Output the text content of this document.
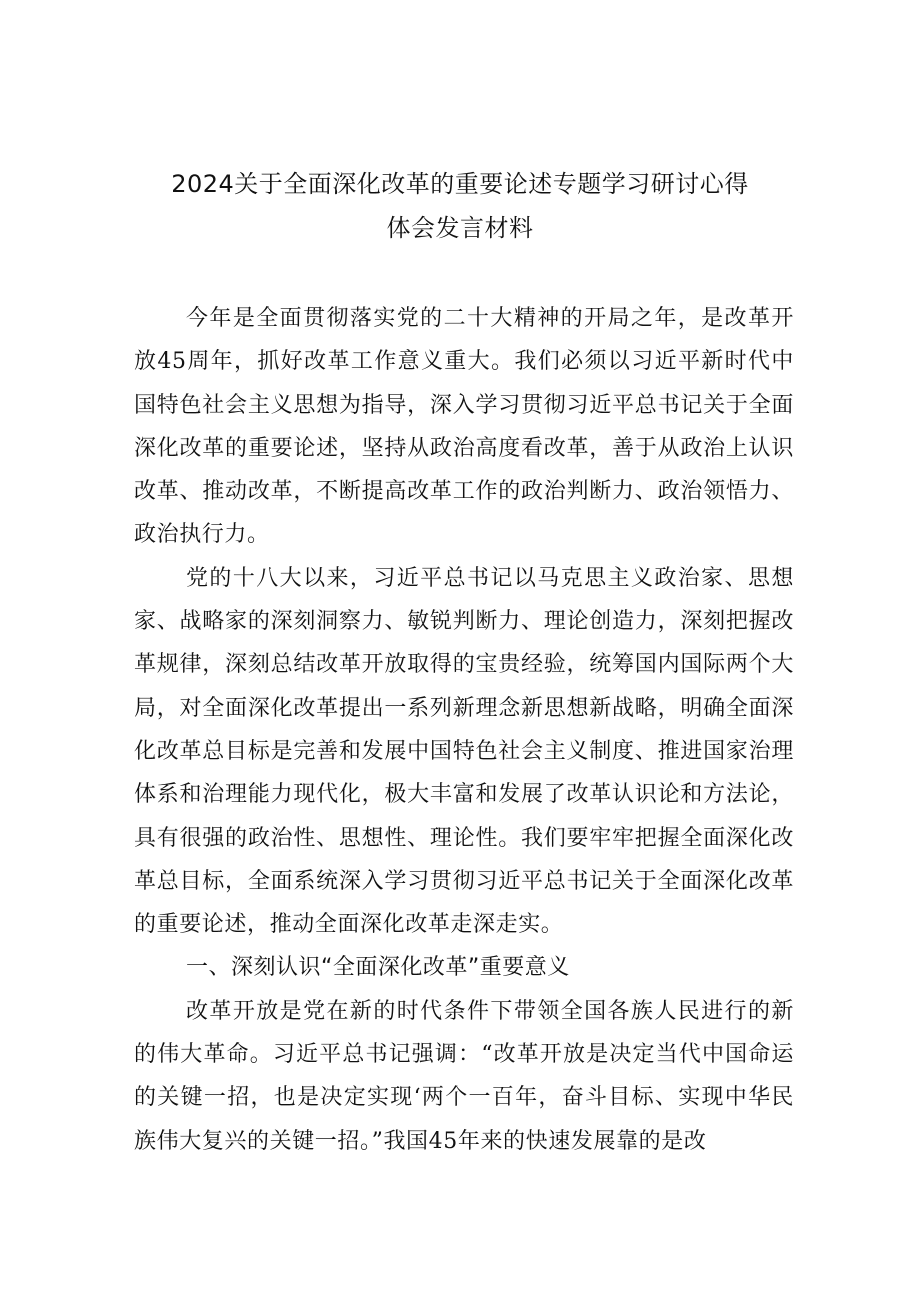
2024关于全面深化改革的重要论述专题学习研讨心得
体会发言材料

今年是全面贯彻落实党的二十大精神的开局之年，是改革开放45周年，抓好改革工作意义重大。我们必须以习近平新时代中国特色社会主义思想为指导，深入学习贯彻习近平总书记关于全面深化改革的重要论述，坚持从政治高度看改革，善于从政治上认识改革、推动改革，不断提高改革工作的政治判断力、政治领悟力、政治执行力。

党的十八大以来，习近平总书记以马克思主义政治家、思想家、战略家的深刻洞察力、敏锐判断力、理论创造力，深刻把握改革规律，深刻总结改革开放取得的宝贵经验，统筹国内国际两个大局，对全面深化改革提出一系列新理念新思想新战略，明确全面深化改革总目标是完善和发展中国特色社会主义制度、推进国家治理体系和治理能力现代化，极大丰富和发展了改革认识论和方法论，具有很强的政治性、思想性、理论性。我们要牢牢把握全面深化改革总目标，全面系统深入学习贯彻习近平总书记关于全面深化改革的重要论述，推动全面深化改革走深走实。

一、深刻认识“全面深化改革”重要意义

改革开放是党在新的时代条件下带领全国各族人民进行的新的伟大革命。习近平总书记强调：“改革开放是决定当代中国命运的关键一招，也是决定实现‘两个一百年，奋斗目标、实现中华民族伟大复兴的关键一招。”我国45年来的快速发展靠的是改
